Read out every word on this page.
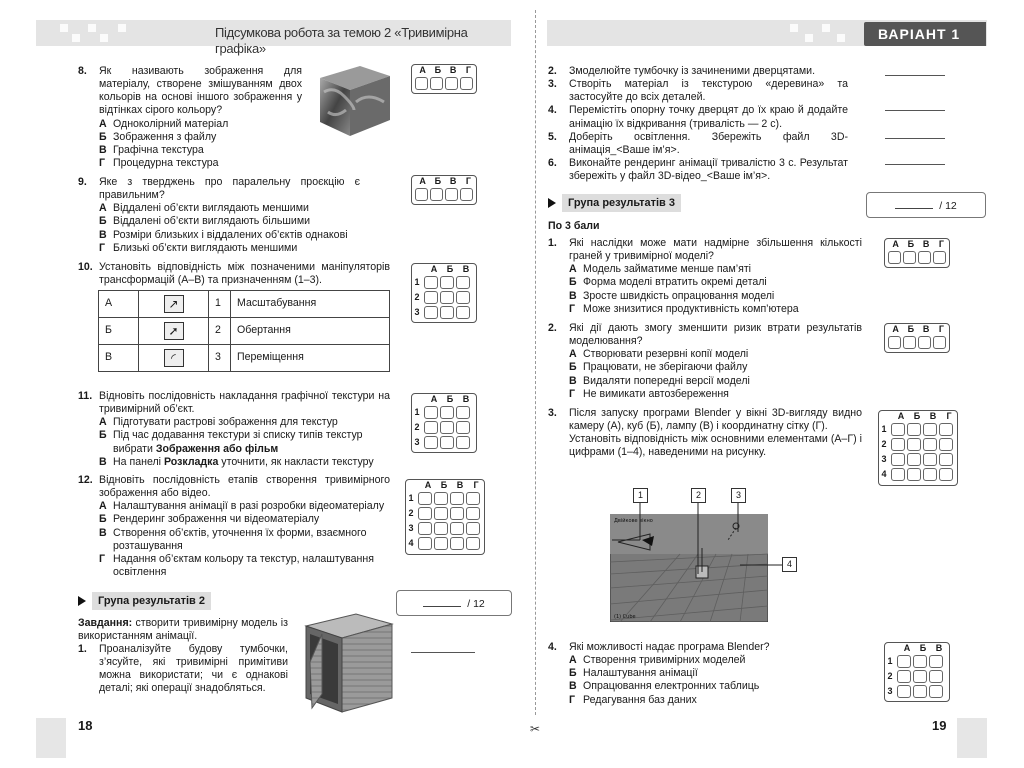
✂
Підсумкова робота за темою 2 «Тривимірна графіка»
ВАРІАНТ 1
8. Як називають зображення для матеріалу, створене змішуванням двох кольорів на основі іншого зображення у відтінках сірого кольору?
А Одноколірний матеріал
Б Зображення з файлу
В Графічна текстура
Г Процедурна текстура
А Б В	Г
9. Яке з тверджень про паралельну проєкцію є правильним?
А Віддалені об’єкти виглядають меншими
Б Віддалені об’єкти виглядають більшими
В Розміри близьких і віддалених об’єктів однакові
Г Близькі об’єкти виглядають меншими
А Б В	Г
10. Установіть відповідність між позначеними маніпуляторів трансформацій (А–В) та призначенням (1–3).
А	↗	1	Масштабування
Б	➚	2	Обертання
В	◜	3	Переміщення
А	Б	В
1
2
3
11. Відновіть послідовність накладання графічної текстури на тривимірний об’єкт.
А Підготувати растрові зображення для текстур
Б Під час додавання текстури зі списку типів текстур вибрати Зображення або фільм
В На панелі Розкладка уточнити, як накласти текстуру
А	Б	В
1
2
3
12. Відновіть послідовність етапів створення тривимірного зображення або відео.
А Налаштування анімації в разі розробки відеоматеріалу
Б Рендеринг зображення чи відеоматеріалу
В Створення об’єктів, уточнення їх форми, взаємного розташування
Г Надання об’єктам кольору та текстур, налаштування освітлення
А	Б	В	Г
1
2
3
4
Група результатів 2	/ 12
Завдання: створити тривимірну модель із використанням анімації.
1. Проаналізуйте будову тумбочки, з’ясуйте, які тривимірні примітиви можна використати; чи є однакові деталі; які операції знадобляться.
18
2. Змоделюйте тумбочку із зачиненими дверцятами.
3. Створіть матеріал із текстурою «деревина» та застосуйте до всіх деталей.
4. Перемістіть опорну точку дверцят до їх краю й додайте анімацію їх відкривання (тривалість — 2 с).
5. Доберіть освітлення. Збережіть файл 3D-анімація_<Ваше ім’я>.
6. Виконайте рендеринг анімації тривалістю 3 с. Результат збережіть у файл 3D-відео_<Ваше ім’я>.
Група результатів 3	/ 12
По 3 бали
1. Які наслідки може мати надмірне збільшення кількості граней у тривимірної моделі?
А Модель займатиме менше пам’яті
Б Форма моделі втратить окремі деталі
В Зросте швидкість опрацювання моделі
Г Може знизитися продуктивність комп’ютера
А Б В	Г
2. Які дії дають змогу зменшити ризик втрати результатів моделювання?
А Створювати резервні копії моделі
Б Працювати, не зберігаючи файлу
В Видаляти попередні версії моделі
Г Не вимикати автозбереження
А Б В	Г
3. Після запуску програми Blender у вікні 3D-вигляду видно камеру (А), куб (Б), лампу (В) і координатну сітку (Г).
Установіть відповідність між основними елементами (А–Г) і цифрами (1–4), наведеними на рисунку.
А	Б	В	Г
1
2
3
4
Двійкове вікно
(1) Cube
1	2	3
4
4. Які можливості надає програма Blender?
А Створення тривимірних моделей
Б Налаштування анімації
В Опрацювання електронних таблиць
Г Редагування баз даних
А	Б	В
1
2
3
19
